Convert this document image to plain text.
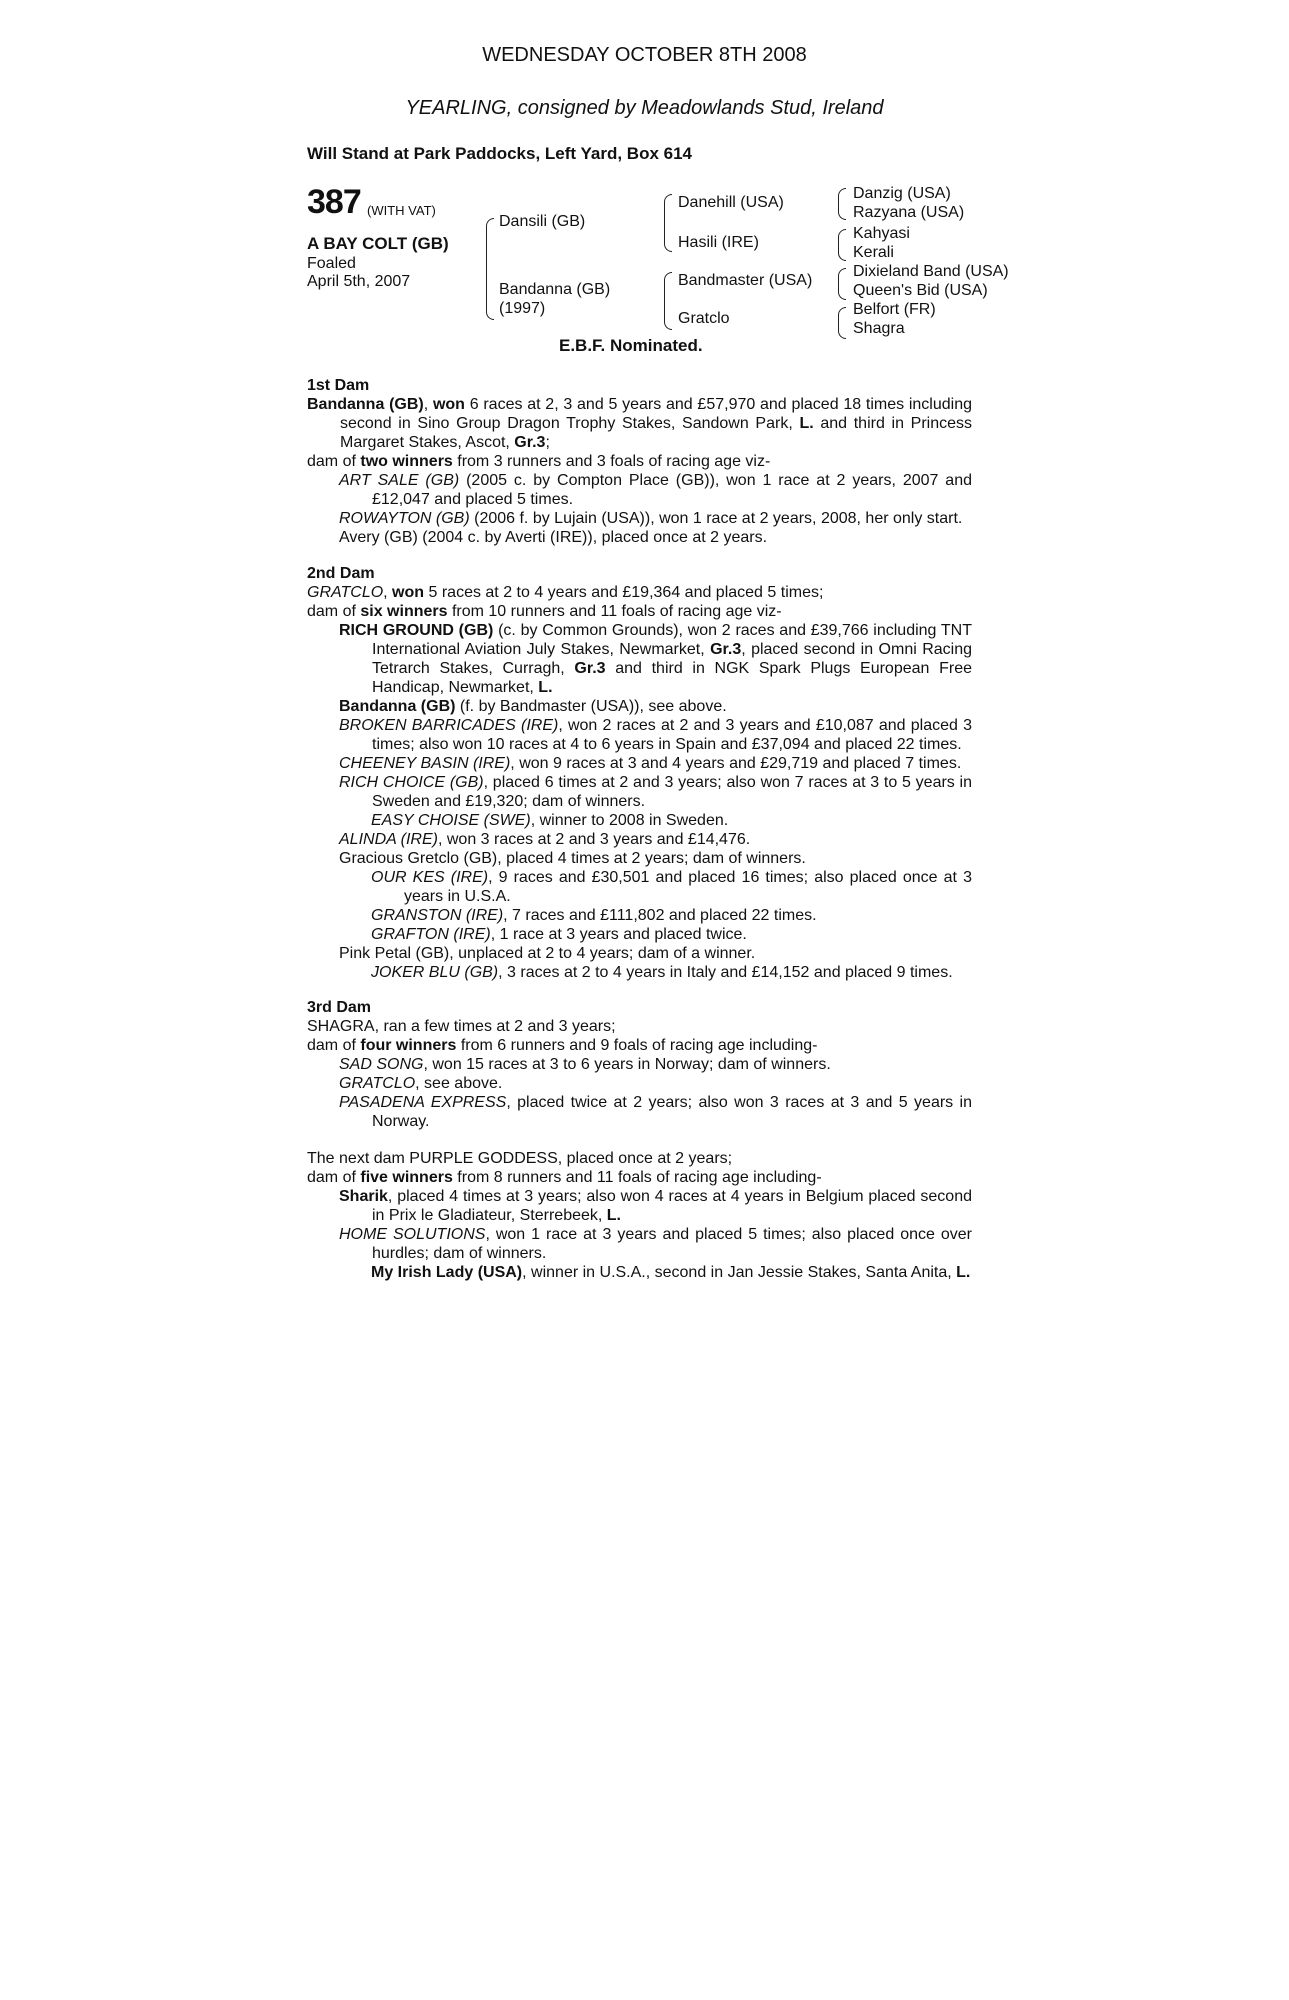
WEDNESDAY OCTOBER 8TH 2008
YEARLING, consigned by Meadowlands Stud, Ireland
Will Stand at Park Paddocks, Left Yard, Box 614
387 (WITH VAT)
A BAY COLT (GB)
Foaled
April 5th, 2007
Dansili (GB)
Bandanna (GB)
(1997)
Danehill (USA)
Hasili (IRE)
Bandmaster (USA)
Gratclo
Danzig (USA)
Razyana (USA)
Kahyasi
Kerali
Dixieland Band (USA)
Queen's Bid (USA)
Belfort (FR)
Shagra
E.B.F. Nominated.
1st Dam

Bandanna (GB), won 6 races at 2, 3 and 5 years and £57,970 and placed 18 times including second in Sino Group Dragon Trophy Stakes, Sandown Park, L. and third in Princess Margaret Stakes, Ascot, Gr.3;

dam of two winners from 3 runners and 3 foals of racing age viz-

ART SALE (GB) (2005 c. by Compton Place (GB)), won 1 race at 2 years, 2007 and £12,047 and placed 5 times.

ROWAYTON (GB) (2006 f. by Lujain (USA)), won 1 race at 2 years, 2008, her only start.

Avery (GB) (2004 c. by Averti (IRE)), placed once at 2 years.

2nd Dam

GRATCLO, won 5 races at 2 to 4 years and £19,364 and placed 5 times;

dam of six winners from 10 runners and 11 foals of racing age viz-

RICH GROUND (GB) (c. by Common Grounds), won 2 races and £39,766 including TNT International Aviation July Stakes, Newmarket, Gr.3, placed second in Omni Racing Tetrarch Stakes, Curragh, Gr.3 and third in NGK Spark Plugs European Free Handicap, Newmarket, L.

Bandanna (GB) (f. by Bandmaster (USA)), see above.

BROKEN BARRICADES (IRE), won 2 races at 2 and 3 years and £10,087 and placed 3 times; also won 10 races at 4 to 6 years in Spain and £37,094 and placed 22 times.

CHEENEY BASIN (IRE), won 9 races at 3 and 4 years and £29,719 and placed 7 times.

RICH CHOICE (GB), placed 6 times at 2 and 3 years; also won 7 races at 3 to 5 years in Sweden and £19,320; dam of winners.

EASY CHOISE (SWE), winner to 2008 in Sweden.

ALINDA (IRE), won 3 races at 2 and 3 years and £14,476.

Gracious Gretclo (GB), placed 4 times at 2 years; dam of winners.

OUR KES (IRE), 9 races and £30,501 and placed 16 times; also placed once at 3 years in U.S.A.

GRANSTON (IRE), 7 races and £111,802 and placed 22 times.

GRAFTON (IRE), 1 race at 3 years and placed twice.

Pink Petal (GB), unplaced at 2 to 4 years; dam of a winner.

JOKER BLU (GB), 3 races at 2 to 4 years in Italy and £14,152 and placed 9 times.

3rd Dam

SHAGRA, ran a few times at 2 and 3 years;

dam of four winners from 6 runners and 9 foals of racing age including-

SAD SONG, won 15 races at 3 to 6 years in Norway; dam of winners.

GRATCLO, see above.

PASADENA EXPRESS, placed twice at 2 years; also won 3 races at 3 and 5 years in Norway.

The next dam PURPLE GODDESS, placed once at 2 years;

dam of five winners from 8 runners and 11 foals of racing age including-

Sharik, placed 4 times at 3 years; also won 4 races at 4 years in Belgium placed second in Prix le Gladiateur, Sterrebeek, L.

HOME SOLUTIONS, won 1 race at 3 years and placed 5 times; also placed once over hurdles; dam of winners.

My Irish Lady (USA), winner in U.S.A., second in Jan Jessie Stakes, Santa Anita, L.
